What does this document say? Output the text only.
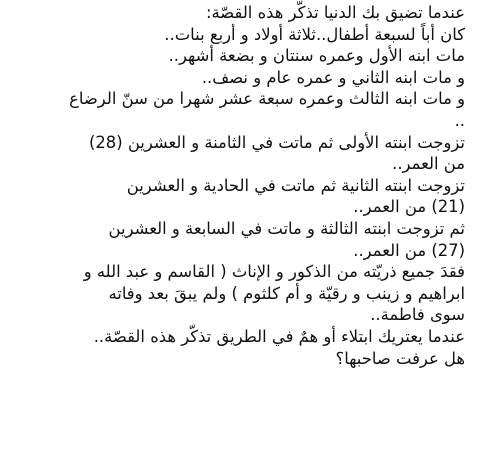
عندما تضيق بك الدنيا تذكّر هذه القصّة:
كان أباً لسبعة أطفال..ثلاثة أولاد و أربع بنات..
مات ابنه الأول وعمره سنتان و بضعة أشهر..
و مات ابنه الثاني و عمره عام و نصف..
و مات ابنه الثالث وعمره سبعة عشر شهرا من سنّ الرضاع
..
تزوجت ابنته الأولى ثم ماتت في الثامنة و العشرين (28)
من العمر..
تزوجت ابنته الثانية ثم ماتت في الحادية و العشرين
(21) من العمر..
ثم تزوجت ابنته الثالثة و ماتت في السابعة و العشرين
(27) من العمر..
فقدَ جميع ذريّته من الذكور و الإناث ( القاسم و عبد الله و
ابراهيم و زينب و رقيّة و أم كلثوم ) ولم يبقَ بعد وفاته
سوى فاطمة..
عندما يعتريك ابتلاء أو همٌ في الطريق تذكّر هذه القصّة..
هل عرفت صاحبها؟
